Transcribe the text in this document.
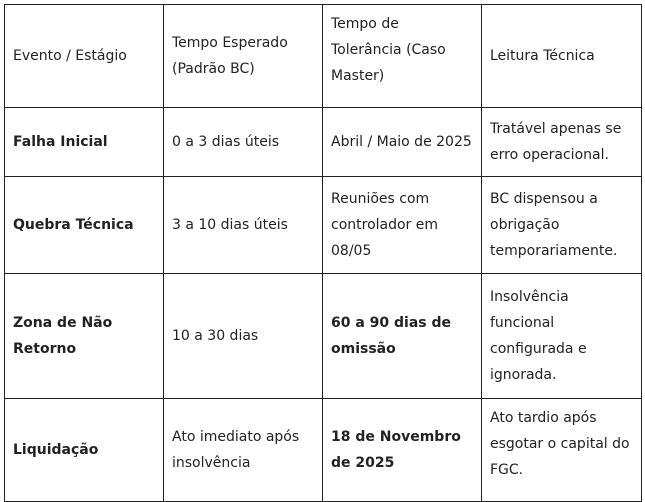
Evento / Estágio	Tempo Esperado (Padrão BC)	Tempo de Tolerância (Caso Master)	Leitura Técnica
Falha Inicial	0 a 3 dias úteis	Abril / Maio de 2025	Tratável apenas se erro operacional.
Quebra Técnica	3 a 10 dias úteis	Reuniões com controlador em 08/05	BC dispensou a obrigação temporariamente.
Zona de Não Retorno	10 a 30 dias	60 a 90 dias de omissão	Insolvência funcional configurada e ignorada.
Liquidação	Ato imediato após insolvência	18 de Novembro de 2025	Ato tardio após esgotar o capital do FGC.
